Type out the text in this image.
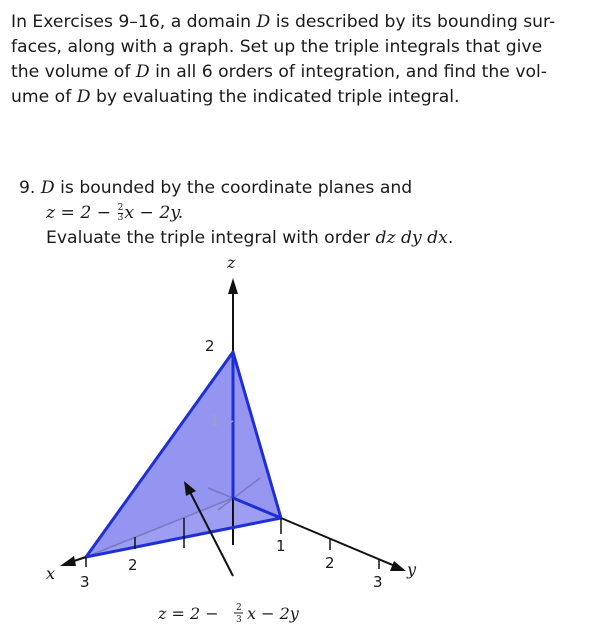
In Exercises 9–16, a domain D is described by its bounding sur-

faces, along with a graph. Set up the triple integrals that give

the volume of D in all 6 orders of integration, and find the vol-

ume of D by evaluating the indicated triple integral.

9. D is bounded by the coordinate planes and
$z = 2 - \frac{2}{3}$ x − 2y.
Evaluate the triple integral with order dz dy dx.
z
x	y
2
1
3
2
1
2
3
z = 2 − 2
3 x − 2y
